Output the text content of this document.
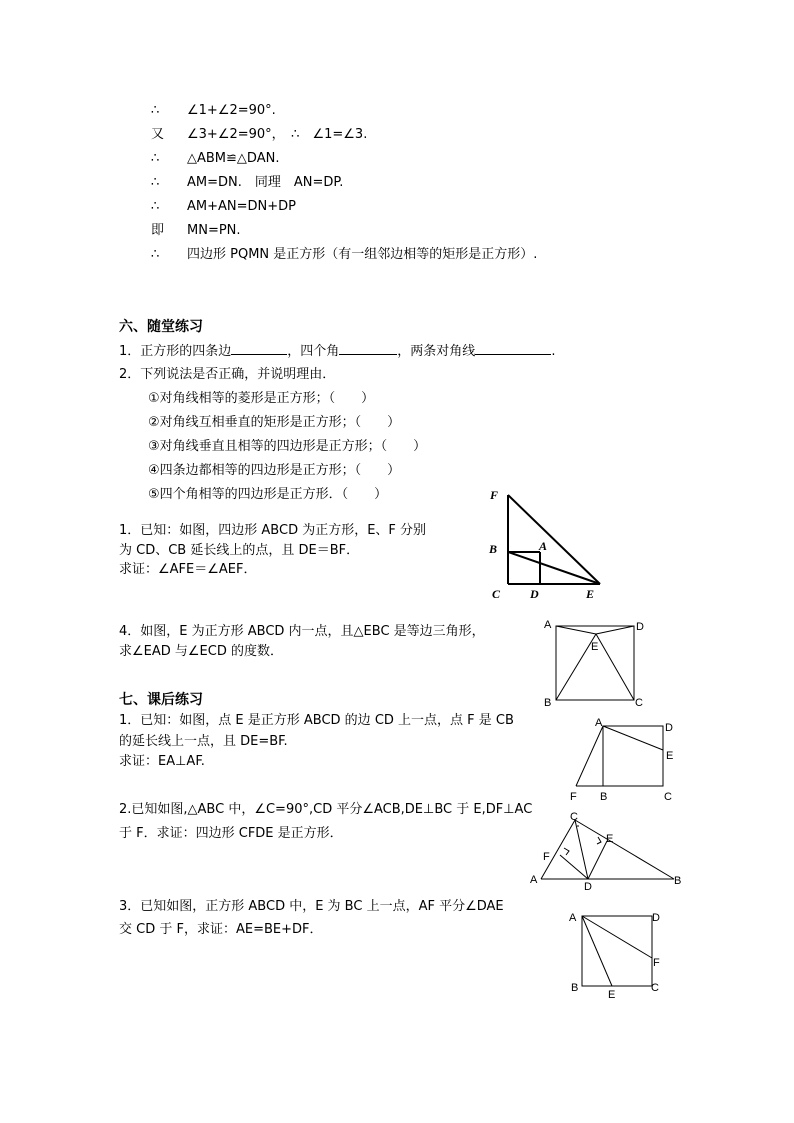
∴ ∠1+∠2=90°.
又 ∠3+∠2=90°，　∴　∠1=∠3.
∴ △ABM≌△DAN.
∴ AM=DN.　同理　AN=DP.
∴ AM+AN=DN+DP
即 MN=PN.
∴ 四边形 PQMN 是正方形（有一组邻边相等的矩形是正方形）.
六、随堂练习
1．正方形的四条边	，四个角	，两条对角线	.
2．下列说法是否正确，并说明理由．
①对角线相等的菱形是正方形；（　　）
②对角线互相垂直的矩形是正方形；（　　）
③对角线垂直且相等的四边形是正方形；（　　）
④四条边都相等的四边形是正方形；（　　）
⑤四个角相等的四边形是正方形．（　　）
1．已知：如图，四边形 ABCD 为正方形，E、F 分别
为 CD、CB 延长线上的点，且 DE＝BF．
求证：∠AFE＝∠AEF．
F
B	A
C D	E
4．如图，E 为正方形 ABCD 内一点，且△EBC 是等边三角形，
求∠EAD 与∠ECD 的度数．
A	D
E
B	C
七、课后练习
1．已知：如图，点 E 是正方形 ABCD 的边 CD 上一点，点 F 是 CB
的延长线上一点，且 DE=BF.
求证：EA⊥AF.
A	D
E
F B	C
2.已知如图,△ABC 中，∠C=90°,CD 平分∠ACB,DE⊥BC 于 E,DF⊥AC
于 F．求证：四边形 CFDE 是正方形．
C
E
F
A
D	B
3．已知如图，正方形 ABCD 中，E 为 BC 上一点，AF 平分∠DAE
交 CD 于 F，求证：AE=BE+DF．
A	D
F
B
E
C
